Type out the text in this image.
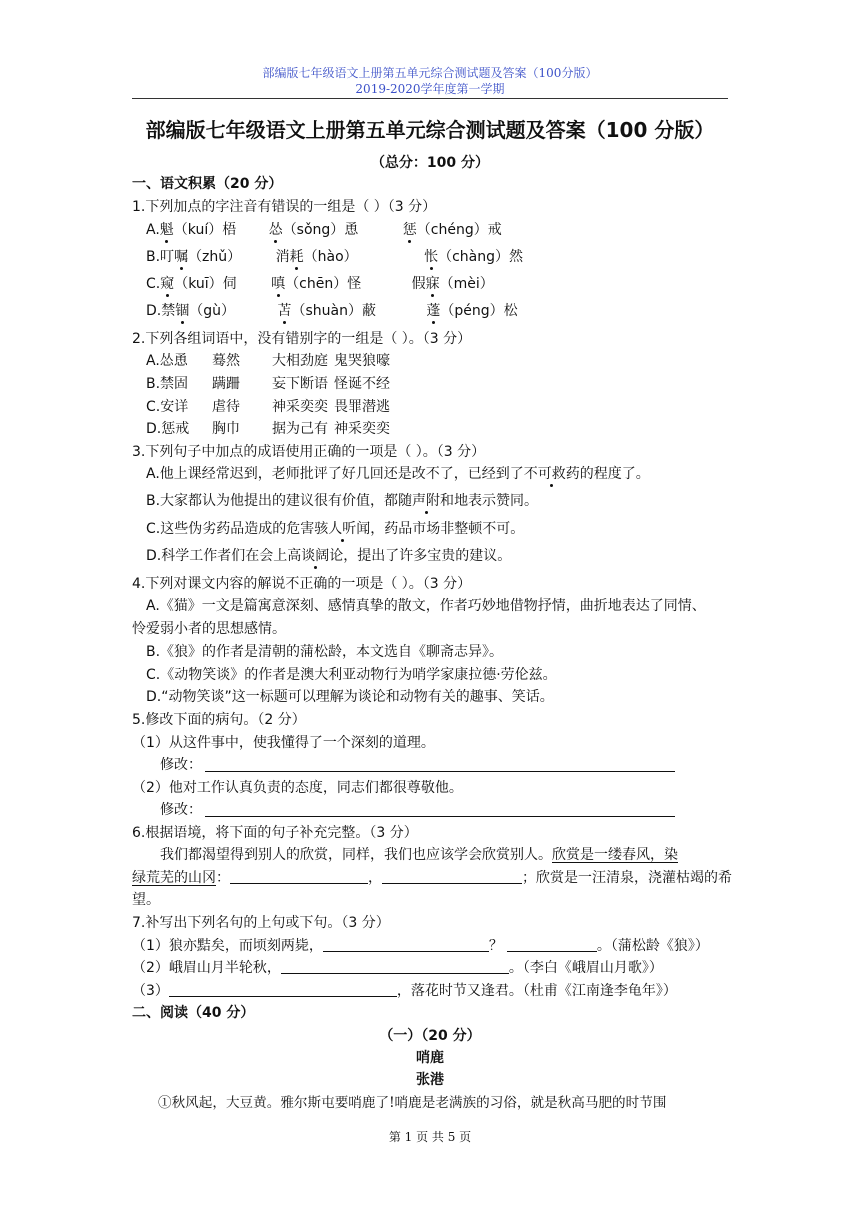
部编版七年级语文上册第五单元综合测试题及答案（100分版）
2019-2020学年度第一学期
部编版七年级语文上册第五单元综合测试题及答案（100 分版）
（总分：100 分）
一、语文积累（20 分）
1.下列加点的字注音有错误的一组是（ ）（3 分）
A.魁（kuí）梧 怂（sǒng）恿	惩（chéng）戒
B.叮嘱（zhǔ） 消耗（hào）	怅（chàng）然
C.窥（kuī）伺 嗔（chēn）怪	假寐（mèi）
D.禁锢（gù）	苫（shuàn）蔽	蓬（péng）松
2.下列各组词语中，没有错别字的一组是（ ）。（3 分）
A.怂恿 蓦然 大相劲庭 鬼哭狼嚎
B.禁固 蹒跚 妄下断语 怪诞不经
C.安详 虐待 神采奕奕 畏罪潜逃
D.惩戒 胸巾 据为己有 神采奕奕
3.下列句子中加点的成语使用正确的一项是（ ）。（3 分）
A.他上课经常迟到，老师批评了好几回还是改不了，已经到了不可救药的程度了。
B.大家都认为他提出的建议很有价值，都随声附和地表示赞同。
C.这些伪劣药品造成的危害骇人听闻，药品市场非整顿不可。
D.科学工作者们在会上高谈阔论，提出了许多宝贵的建议。
4.下列对课文内容的解说不正确的一项是（ ）。（3 分）
A.《猫》一文是篇寓意深刻、感情真挚的散文，作者巧妙地借物抒情，曲折地表达了同情、
怜爱弱小者的思想感情。
B.《狼》的作者是清朝的蒲松龄，本文选自《聊斋志异》。
C.《动物笑谈》的作者是澳大利亚动物行为哨学家康拉德·劳伦兹。
D.“动物笑谈”这一标题可以理解为谈论和动物有关的趣事、笑话。
5.修改下面的病句。（2 分）
（1）从这件事中，使我懂得了一个深刻的道理。
修改：
（2）他对工作认真负责的态度，同志们都很尊敬他。
修改：
6.根据语境，将下面的句子补充完整。（3 分）
我们都渴望得到别人的欣赏，同样，我们也应该学会欣赏别人。欣赏是一缕春风，染
绿荒芜的山冈：	，	；欣赏是一汪清泉，浇灌枯竭的希
望。
7.补写出下列名句的上句或下句。（3 分）
（1）狼亦黠矣，而顷刻两毙，	？	。（蒲松龄《狼》）
（2）峨眉山月半轮秋，	。（李白《峨眉山月歌》）
（3）	，落花时节又逢君。（杜甫《江南逢李龟年》）
二、阅读（40 分）
（一）（20 分）
哨鹿
张港
①秋风起，大豆黄。雅尔斯屯要哨鹿了!哨鹿是老满族的习俗，就是秋高马肥的时节围
第 1 页 共 5 页
